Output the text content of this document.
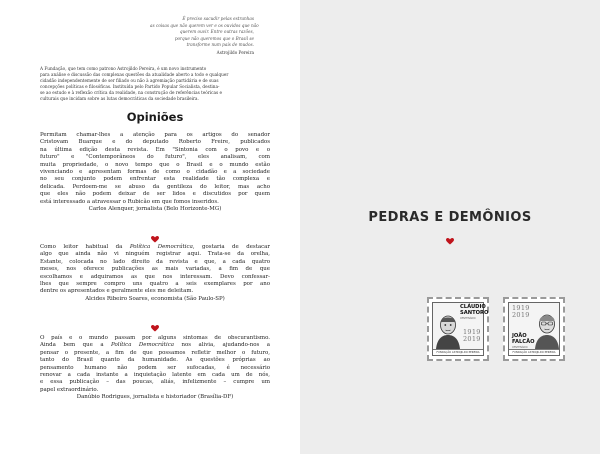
É preciso sacudir pelas estranhas
as coisas que não querem ver e os ouvidos que não
querem ouvir. Entre outras razões,
porque não queremos que o Brasil se
transforme num país de mudos.
Astrojildo Pereira
A Fundação, que tem como patrono Astrojildo Pereira, é um novo instrumento
para análise e discussão das complexas questões da atualidade aberto a todo e qualquer
cidadão independentemente de ser filiado ou não à agremiação partidária e de suas
concepções políticas e filosóficas. Instituída pelo Partido Popular Socialista, destina-
se ao estudo e à reflexão crítica da realidade, na construção de referências teóricas e
culturais que incidam sobre as lutas democráticas da sociedade brasileira.
Opiniões
Permitam chamar-lhes a atenção para os artigos do senador
Cristovam Buarque e do deputado Roberto Freire, publicados
na última edição desta revista. Em "Sintonia com o povo e o
futuro" e "Contemporâneos do futuro", eles analisam, com
muita propriedade, o novo tempo que o Brasil e o mundo estão
vivenciando e apresentam formas de como o cidadão e a sociedade
no seu conjunto podem enfrentar esta realidade tão complexa e
delicada. Perdoem-me se abuso da gentileza do leitor, mas acho
que eles não podem deixar de ser lidos e discutidos por quem
está interessado a atravessar o Rubicão em que fomos inseridos.
Carlos Alenquer, jornalista (Belo Horizonte-MG)
Como leitor habitual da Política Democrática, gostaria de destacar
algo que ainda não vi ninguém registrar aqui. Trata-se da orelha,
Estante, colocada no lado direito da revista e que, a cada quatro
meses, nos oferece publicações as mais variadas, a fim de que
escolhamos e adquiramos as que nos interessam. Devo confessar-
lhes que sempre compro uns quatro a seis exemplares por ano
dentre os apresentados e geralmente eles me deleitam.
Alcides Ribeiro Soares, economista (São Paulo-SP)
O país e o mundo passam por alguns sintomas de obscurantismo.
Ainda bem que a Política Democrática nos alivia, ajudando-nos a
pensar o presente, a fim de que possamos refletir melhor o futuro,
tanto do Brasil quanto da humanidade. As questões próprias ao
pensamento humano não podem ser sufocadas, é necessário
renovar a cada instante a inquietação latente em cada um de nós,
e essa publicação – das poucas, aliás, infelizmente – cumpre um
papel extraordinário.
Danúbio Rodrigues, jornalista e historiador (Brasília-DF)
PEDRAS E DEMÔNIOS
CLÁUDIO
SANTORO
CENTENÁRIO
1919
2019
FUNDAÇÃO ASTROJILDO PEREIRA
1919
2019
JOÃO
FALCÃO
CENTENÁRIO
FUNDAÇÃO ASTROJILDO PEREIRA
